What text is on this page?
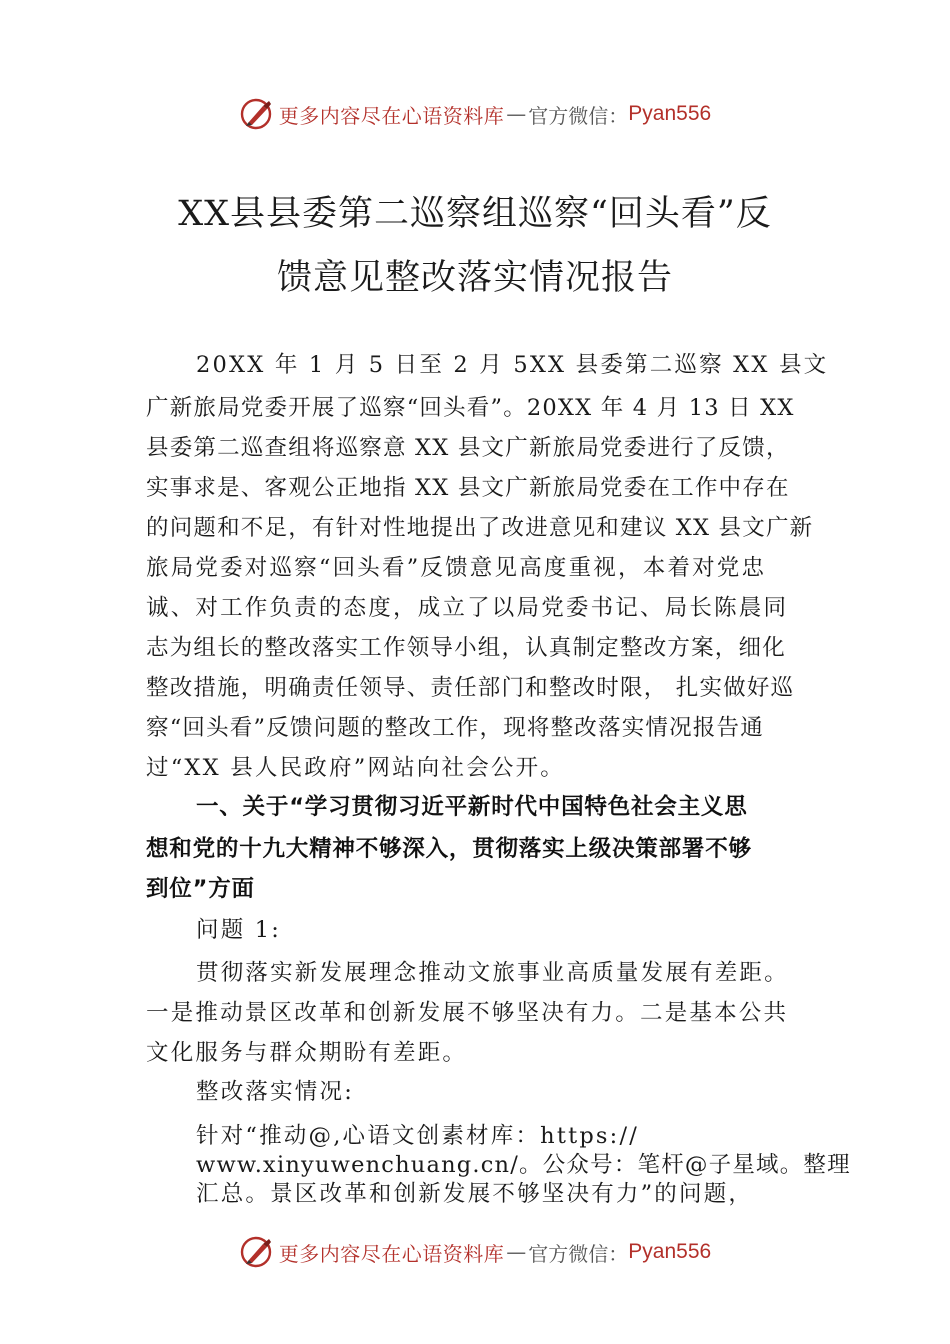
更多内容尽在心语资料库 — 官方微信： Pyan556
XX县县委第二巡察组巡察“回头看”反
馈意见整改落实情况报告
20XX 年 1 月 5 日至 2 月 5XX 县委第二巡察 XX 县文
广新旅局党委开展了巡察“回头看”。20XX 年 4 月 13 日 XX
县委第二巡查组将巡察意 XX 县文广新旅局党委进行了反馈，
实事求是、客观公正地指 XX 县文广新旅局党委在工作中存在
的问题和不足，有针对性地提出了改进意见和建议 XX 县文广新
旅局党委对巡察“回头看”反馈意见高度重视，本着对党忠
诚、对工作负责的态度，成立了以局党委书记、局长陈晨同
志为组长的整改落实工作领导小组，认真制定整改方案，细化
整改措施，明确责任领导、责任部门和整改时限， 扎实做好巡
察“回头看”反馈问题的整改工作，现将整改落实情况报告通
过“XX 县人民政府”网站向社会公开。
一、关于“学习贯彻习近平新时代中国特色社会主义思
想和党的十九大精神不够深入，贯彻落实上级决策部署不够
到位”方面
问题 1:
贯彻落实新发展理念推动文旅事业高质量发展有差距。
一是推动景区改革和创新发展不够坚决有力。二是基本公共
文化服务与群众期盼有差距。
整改落实情况:
针对“推动@,心语文创素材库：https://
www.xinyuwenchuang.cn/。公众号：笔杆@子星域。整理
汇总。景区改革和创新发展不够坚决有力”的问题，
更多内容尽在心语资料库 — 官方微信： Pyan556
